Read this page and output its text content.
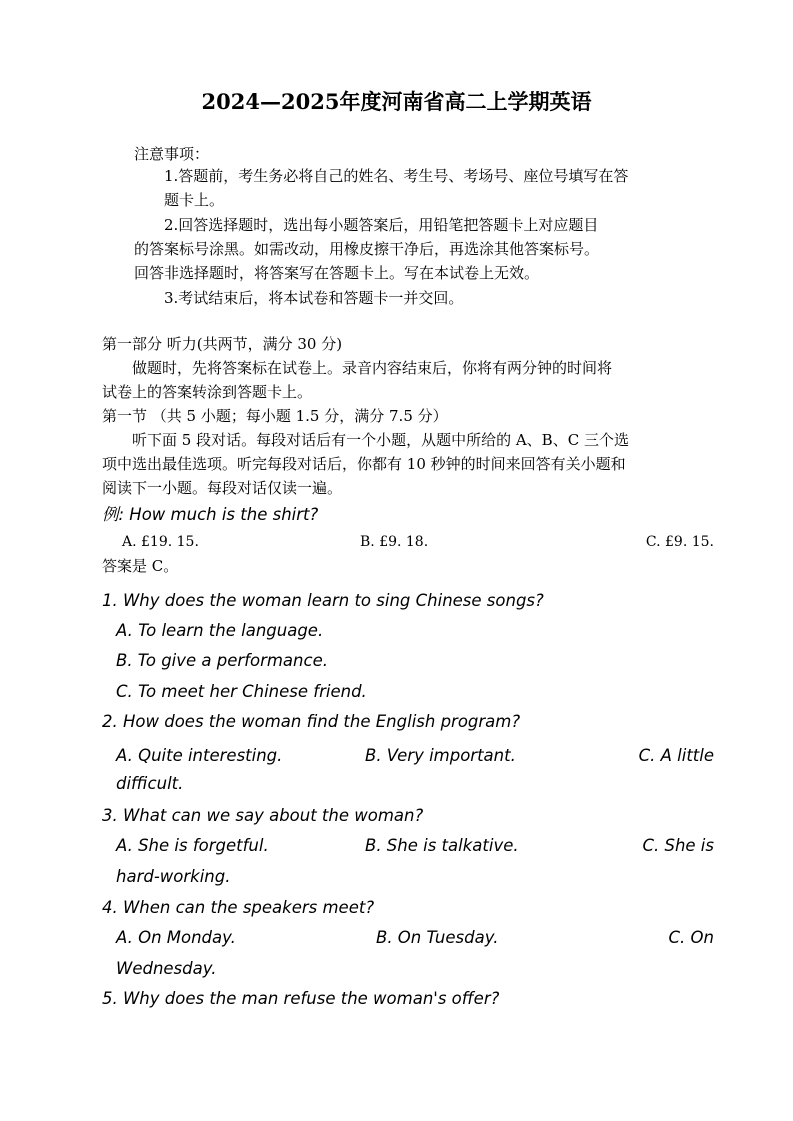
2024—2025年度河南省高二上学期英语
注意事项：
1.答题前，考生务必将自己的姓名、考生号、考场号、座位号填写在答
题卡上。
2.回答选择题时，选出每小题答案后，用铅笔把答题卡上对应题目
的答案标号涂黑。如需改动，用橡皮擦干净后，再选涂其他答案标号。
回答非选择题时，将答案写在答题卡上。写在本试卷上无效。
3.考试结束后，将本试卷和答题卡一并交回。
第一部分 听力(共两节，满分 30 分)
做题时，先将答案标在试卷上。录音内容结束后，你将有两分钟的时间将
试卷上的答案转涂到答题卡上。
第一节 （共 5 小题；每小题 1.5 分，满分 7.5 分）
听下面 5 段对话。每段对话后有一个小题，从题中所给的 A、B、C 三个选
项中选出最佳选项。听完每段对话后，你都有 10 秒钟的时间来回答有关小题和
阅读下一小题。每段对话仅读一遍。
例: How much is the shirt?
A. £19. 15.	B. £9. 18.	C. £9. 15.
答案是 C。
1. Why does the woman learn to sing Chinese songs?
A. To learn the language.
B. To give a performance.
C. To meet her Chinese friend.
2. How does the woman find the English program?
A. Quite interesting.	B. Very important.	C. A little
difficult.
3. What can we say about the woman?
A. She is forgetful.	B. She is talkative.	C. She is
hard-working.
4. When can the speakers meet?
A. On Monday.	B. On Tuesday.	C. On
Wednesday.
5. Why does the man refuse the woman's offer?
